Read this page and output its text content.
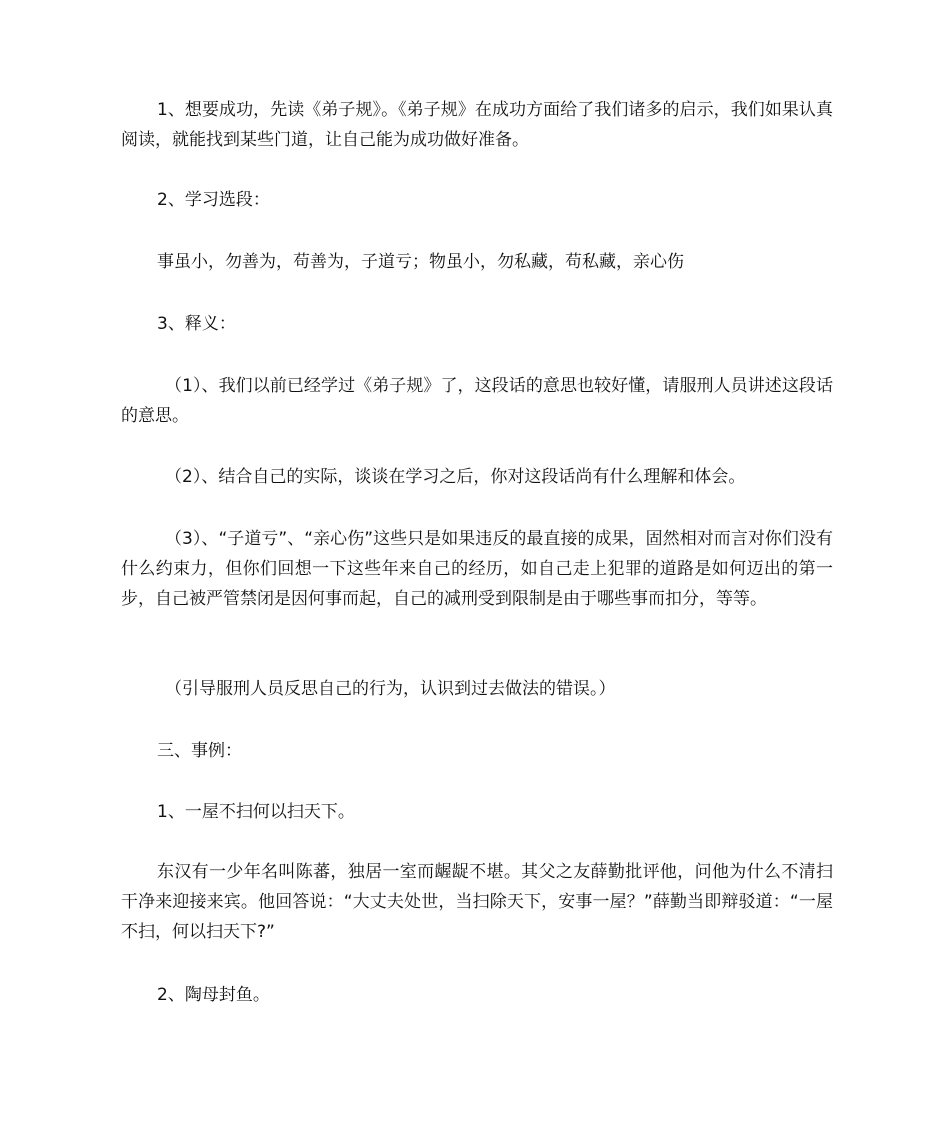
1、想要成功，先读《弟子规》。《弟子规》在成功方面给了我们诸多的启示，我们如果认真阅读，就能找到某些门道，让自己能为成功做好准备。

2、学习选段：

事虽小，勿善为，苟善为，子道亏；物虽小，勿私藏，苟私藏，亲心伤

3、释义：

（1）、我们以前已经学过《弟子规》了，这段话的意思也较好懂，请服刑人员讲述这段话的意思。

（2）、结合自己的实际，谈谈在学习之后，你对这段话尚有什么理解和体会。

（3）、“子道亏”、“亲心伤”这些只是如果违反的最直接的成果，固然相对而言对你们没有什么约束力，但你们回想一下这些年来自己的经历，如自己走上犯罪的道路是如何迈出的第一步，自己被严管禁闭是因何事而起，自己的减刑受到限制是由于哪些事而扣分，等等。

（引导服刑人员反思自己的行为，认识到过去做法的错误。）

三、事例：

1、一屋不扫何以扫天下。

东汉有一少年名叫陈蕃，独居一室而龌龊不堪。其父之友薛勤批评他，问他为什么不清扫干净来迎接来宾。他回答说：“大丈夫处世，当扫除天下，安事一屋？”薛勤当即辩驳道：“一屋不扫，何以扫天下?”

2、陶母封鱼。
